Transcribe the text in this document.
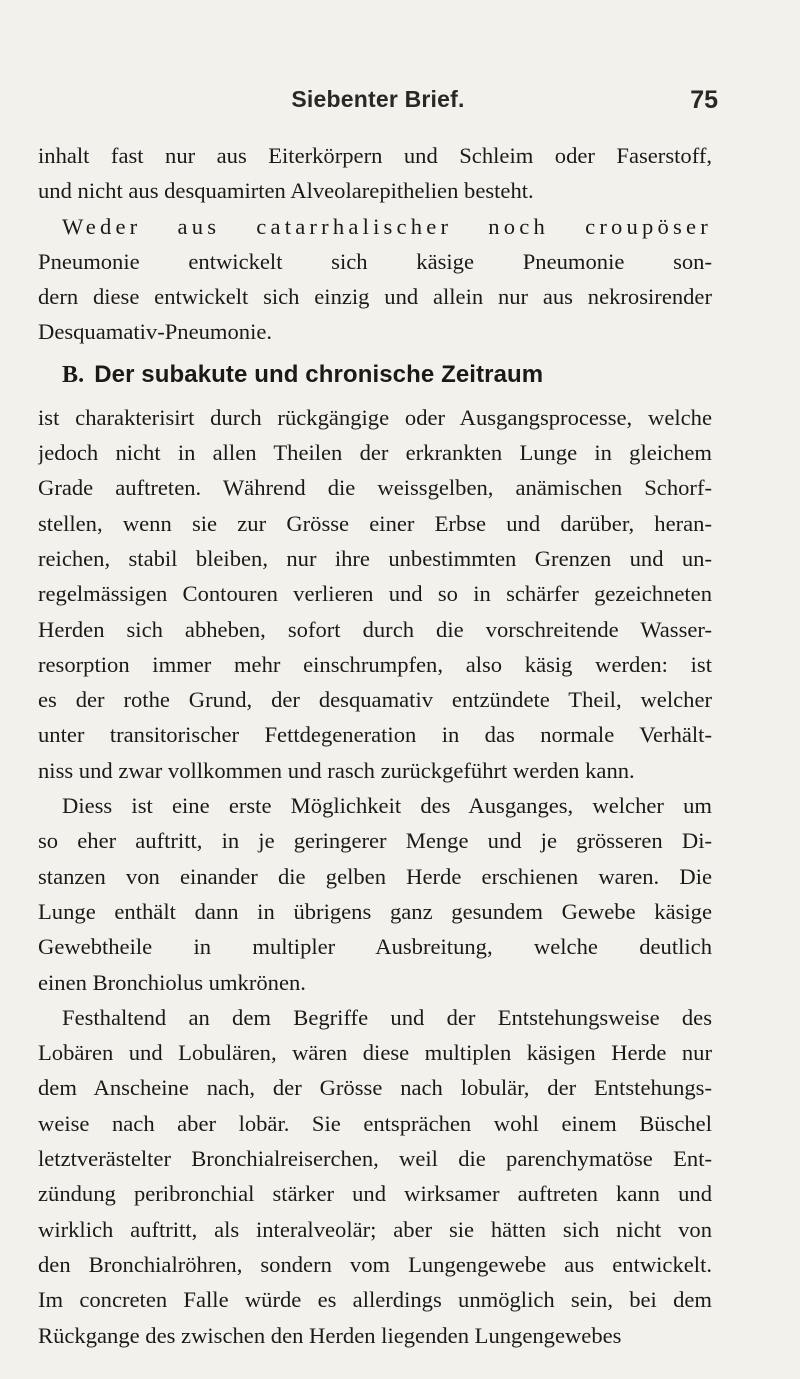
Siebenter Brief.	75
inhalt fast nur aus Eiterkörpern und Schleim oder Faserstoff,
und nicht aus desquamirten Alveolarepithelien besteht.
Weder aus catarrhalischer noch croupöser
Pneumonie entwickelt sich käsige Pneumonie son-
dern diese entwickelt sich einzig und allein nur aus nekrosirender
Desquamativ-Pneumonie.
B. Der subakute und chronische Zeitraum
ist charakterisirt durch rückgängige oder Ausgangsprocesse, welche
jedoch nicht in allen Theilen der erkrankten Lunge in gleichem
Grade auftreten. Während die weissgelben, anämischen Schorf-
stellen, wenn sie zur Grösse einer Erbse und darüber, heran-
reichen, stabil bleiben, nur ihre unbestimmten Grenzen und un-
regelmässigen Contouren verlieren und so in schärfer gezeichneten
Herden sich abheben, sofort durch die vorschreitende Wasser-
resorption immer mehr einschrumpfen, also käsig werden: ist
es der rothe Grund, der desquamativ entzündete Theil, welcher
unter transitorischer Fettdegeneration in das normale Verhält-
niss und zwar vollkommen und rasch zurückgeführt werden kann.
Diess ist eine erste Möglichkeit des Ausganges, welcher um
so eher auftritt, in je geringerer Menge und je grösseren Di-
stanzen von einander die gelben Herde erschienen waren. Die
Lunge enthält dann in übrigens ganz gesundem Gewebe käsige
Gewebtheile in multipler Ausbreitung, welche deutlich
einen Bronchiolus umkrönen.
Festhaltend an dem Begriffe und der Entstehungsweise des
Lobären und Lobulären, wären diese multiplen käsigen Herde nur
dem Anscheine nach, der Grösse nach lobulär, der Entstehungs-
weise nach aber lobär. Sie entsprächen wohl einem Büschel
letztverästelter Bronchialreiserchen, weil die parenchymatöse Ent-
zündung peribronchial stärker und wirksamer auftreten kann und
wirklich auftritt, als interalveolär; aber sie hätten sich nicht von
den Bronchialröhren, sondern vom Lungengewebe aus entwickelt.
Im concreten Falle würde es allerdings unmöglich sein, bei dem
Rückgange des zwischen den Herden liegenden Lungengewebes
